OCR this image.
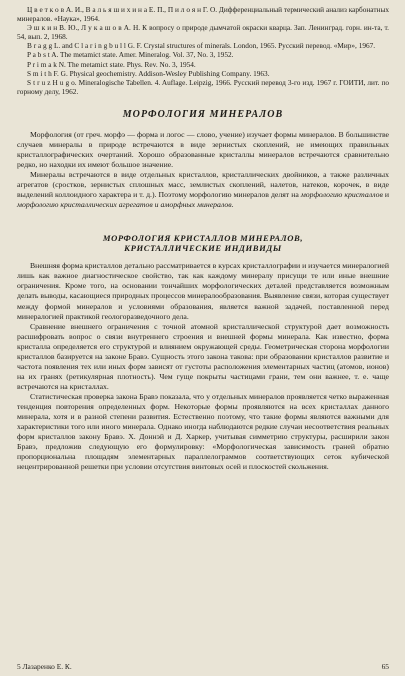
Ц в е т к о в А. И., В а л ь я ш и х и н а Е. П., П и л о я н Г. О. Дифференциальный термический анализ карбонатных минералов. «Наука», 1964.

Э ш к и н В. Ю., Л у к а ш о в А. Н. К вопросу о природе дымчатой окраски кварца. Зап. Ленинград. горн. ин-та, т. 54, вып. 2, 1968.

B r a g g L. and C l a r i n g b u l l G. F. Crystal structures of minerals. London, 1965. Русский перевод. «Мир», 1967.

P a b s t A. The metamict state. Amer. Mineralog. Vol. 37, No. 3, 1952.

P r i m a k N. The metamict state. Phys. Rev. No. 3, 1954.

S m i t h F. G. Physical geochemistry. Addison-Wesley Publishing Company. 1963.

S t r u z H u g o. Mineralogische Tabellen. 4. Auflage. Leipzig, 1966. Русский перевод 3-го изд. 1967 г. ГОИТИ, лит. по горному делу, 1962.

МОРФОЛОГИЯ МИНЕРАЛОВ

Морфология (от греч. морфэ — форма и логос — слово, учение) изучает формы минералов. В большинстве случаев минералы в природе встречаются в виде зернистых скоплений, не имеющих правильных кристаллографических очертаний. Хорошо образованные кристаллы минералов встречаются сравнительно редко, но находки их имеют большое значение.

Минералы встречаются в виде отдельных кристаллов, кристаллических двойников, а также различных агрегатов (сростков, зернистых сплошных масс, землистых скоплений, налетов, натеков, корочек, в виде выделений коллоидного характера и т. д.). Поэтому морфологию минералов делят на морфологию кристаллов и морфологию кристаллических агрегатов и аморфных минералов.

МОРФОЛОГИЯ КРИСТАЛЛОВ МИНЕРАЛОВ,
КРИСТАЛЛИЧЕСКИЕ ИНДИВИДЫ

Внешняя форма кристаллов детально рассматривается в курсах кристаллографии и изучается минералогией лишь как важное диагностическое свойство, так как каждому минералу присущи те или иные внешние ограничения. Кроме того, на основании тончайших морфологических деталей представляется возможным делать выводы, касающиеся природных процессов минералообразования. Выявление связи, которая существует между формой минералов и условиями образования, является важной задачей, поставленной перед минералогией практикой геологоразведочного дела.

Сравнение внешнего ограничения с точной атомной кристаллической структурой дает возможность расшифровать вопрос о связи внутреннего строения и внешней формы минерала. Как известно, форма кристалла определяется его структурой и влиянием окружающей среды. Геометрическая сторона морфологии кристаллов базируется на законе Бравэ. Сущность этого закона такова: при образовании кристаллов развитие и частота появления тех или иных форм зависят от густоты расположения элементарных частиц (атомов, ионов) на их гранях (ретикулярная плотность). Чем гуще покрыты частицами грани, тем они важнее, т. е. чаще встречаются на кристаллах.

Статистическая проверка закона Бравэ показала, что у отдельных минералов проявляется четко выраженная тенденция повторения определенных форм. Некоторые формы проявляются на всех кристаллах данного минерала, хотя и в разной степени развития. Естественно поэтому, что такие формы являются важными для характеристики того или иного минерала. Однако иногда наблюдаются редкие случаи несоответствия реальных форм кристаллов закону Бравэ. Х. Доннэй и Д. Харкер, учитывая симметрию структуры, расширили закон Бравэ, предложив следующую его формулировку: «Морфологическая зависимость граней обратно пропорциональна площадям элементарных параллелограммов соответствующих сеток кубической нецентрированной решетки при условии отсутствия винтовых осей и плоскостей скольжения.

5 Лазаренко Е. К.	65
